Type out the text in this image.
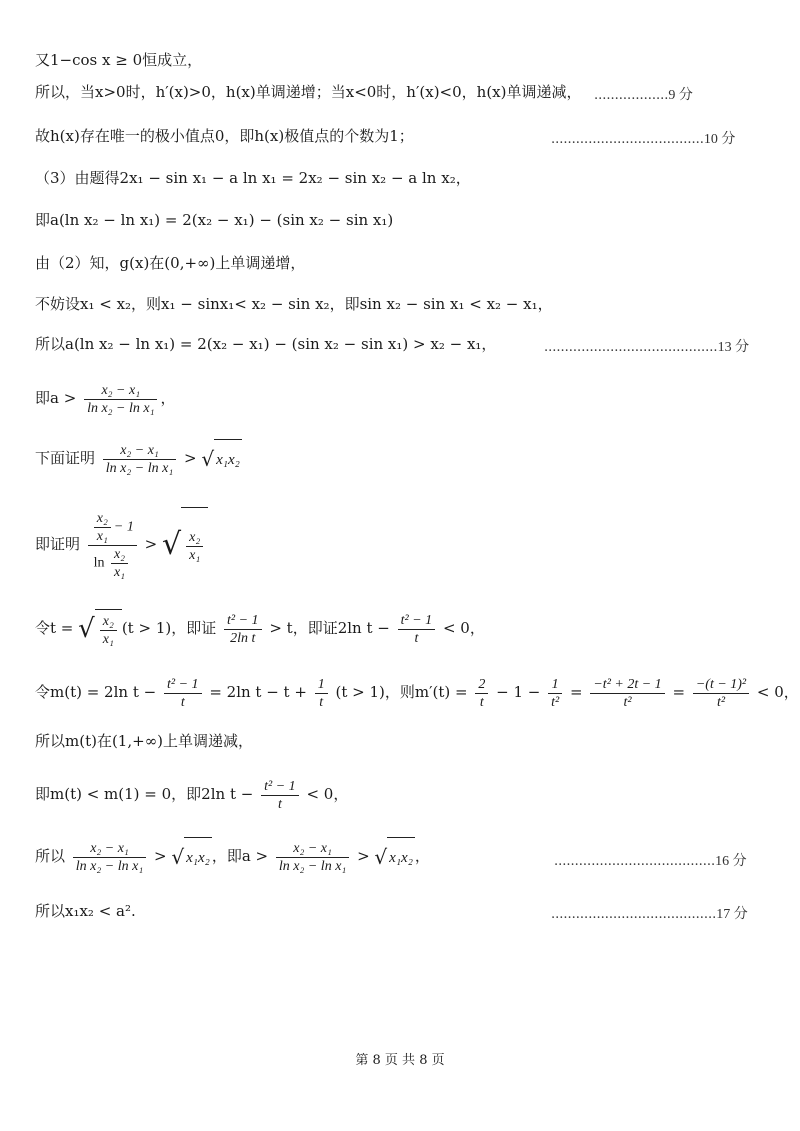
又1−cos x ≥ 0恒成立，
所以，当x>0时，h′(x)>0，h(x)单调递增；当x<0时，h′(x)<0，h(x)单调递减， ..................9 分
故h(x)存在唯一的极小值点0，即h(x)极值点的个数为1；	.....................................10 分
（3）由题得2x₁ − sin x₁ − a ln x₁ = 2x₂ − sin x₂ − a ln x₂，
即a(ln x₂ − ln x₁) = 2(x₂ − x₁) − (sin x₂ − sin x₁)
由（2）知，g(x)在(0,+∞)上单调递增，
不妨设x₁ < x₂，则x₁ − sinx₁< x₂ − sin x₂，即sin x₂ − sin x₁ < x₂ − x₁，
所以a(ln x₂ − ln x₁) = 2(x₂ − x₁) − (sin x₂ − sin x₁) > x₂ − x₁，	..........................................13 分
即$a > \frac{\text{x₂ − x₁}}{\text{ln x₂ − ln x₁}}$ ，
下面证明 $\frac{\text{x₂ − x₁}}{\text{ln x₂ − ln x₁}}$ > √ x₁x₂
即证明 $\frac{\frac{\text{x₂}}{\text{x₁}} - 1}{\ln \frac{\text{x₂}}{\text{x₁}}}$ > √ $\frac{\text{x₂}}{\text{x₁}}$
令t = √ $\frac{\text{x₂}}{\text{x₁}} (t > 1)$，即证 $\frac{\text{t² − 1}}{\text{2ln t}} > t$，即证2ln $t - \frac{\text{t² − 1}}{t} < 0$，
令m(t) = 2ln $t - \frac{\text{t² − 1}}{t} = 2\ln$ $t - t + \frac{1}{t} (t > 1)$，则$m'(t) = \frac{2}{t} - 1 - \frac{1}{\text{t²}} = \frac{\text{−t² + 2t − 1}}{\text{t²}} = \frac{\text{−(t − 1)²}}{\text{t²}} < 0$，
所以m(t)在(1,+∞)上单调递减，
即m(t) < m(1) = 0，即2ln $t - \frac{\text{t² − 1}}{t} < 0$，
所以 $\frac{\text{x₂ − x₁}}{\text{ln x₂ − ln x₁}}$ > √ x₁x₂ ，即$a > \frac{\text{x₂ − x₁}}{\text{ln x₂ − ln x₁}}$ > √ x₁x₂ ，	.......................................16 分
所以x₁x₂ < a².	........................................17 分
第 8 页 共 8 页
